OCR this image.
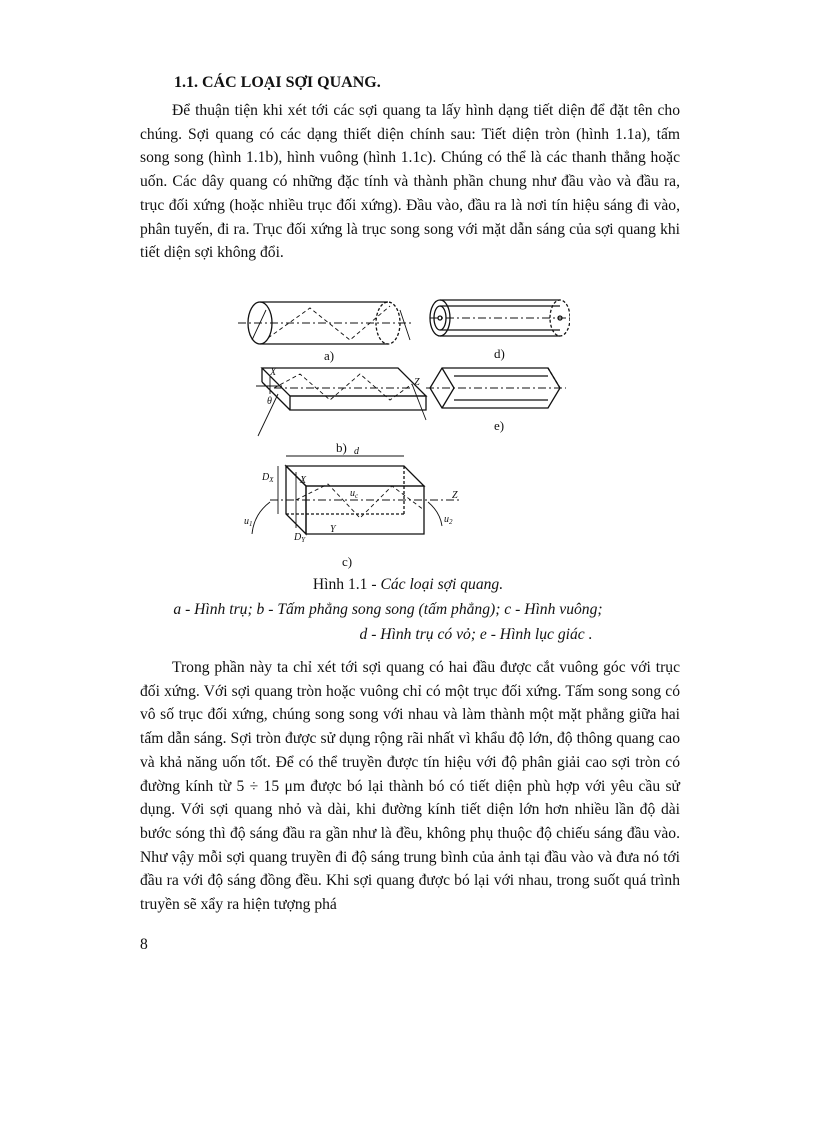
1.1. CÁC LOẠI SỢI QUANG.

Để thuận tiện khi xét tới các sợi quang ta lấy hình dạng tiết diện để đặt tên cho chúng. Sợi quang có các dạng thiết diện chính sau: Tiết diện tròn (hình 1.1a), tấm song song (hình 1.1b), hình vuông (hình 1.1c). Chúng có thể là các thanh thẳng hoặc uốn. Các dây quang có những đặc tính và thành phần chung như đầu vào và đầu ra, trục đối xứng (hoặc nhiều trục đối xứng). Đầu vào, đầu ra là nơi tín hiệu sáng đi vào, phân tuyến, đi ra. Trục đối xứng là trục song song với mặt dẫn sáng của sợi quang khi tiết diện sợi không đổi.

a)	d)
b)
e)
c)
θ
X
Z
d
X
Y
Z
$D_X$
$D_Y$
$u_1$	$u_2$
$u_c$

Hình 1.1 - Các loại sợi quang.

a - Hình trụ; b - Tấm phẳng song song (tấm phẳng); c - Hình vuông;

d - Hình trụ có vỏ; e - Hình lục giác .

Trong phần này ta chỉ xét tới sợi quang có hai đầu được cắt vuông góc với trục đối xứng. Với sợi quang tròn hoặc vuông chỉ có một trục đối xứng. Tấm song song có vô số trục đối xứng, chúng song song với nhau và làm thành một mặt phẳng giữa hai tấm dẫn sáng. Sợi tròn được sử dụng rộng rãi nhất vì khẩu độ lớn, độ thông quang cao và khả năng uốn tốt. Để có thể truyền được tín hiệu với độ phân giải cao sợi tròn có đường kính từ 5 ÷ 15 μm được bó lại thành bó có tiết diện phù hợp với yêu cầu sử dụng. Với sợi quang nhỏ và dài, khi đường kính tiết diện lớn hơn nhiều lần độ dài bước sóng thì độ sáng đầu ra gần như là đều, không phụ thuộc độ chiếu sáng đầu vào. Như vậy mỗi sợi quang truyền đi độ sáng trung bình của ảnh tại đầu vào và đưa nó tới đầu ra với độ sáng đồng đều. Khi sợi quang được bó lại với nhau, trong suốt quá trình truyền sẽ xẩy ra hiện tượng phá

8
